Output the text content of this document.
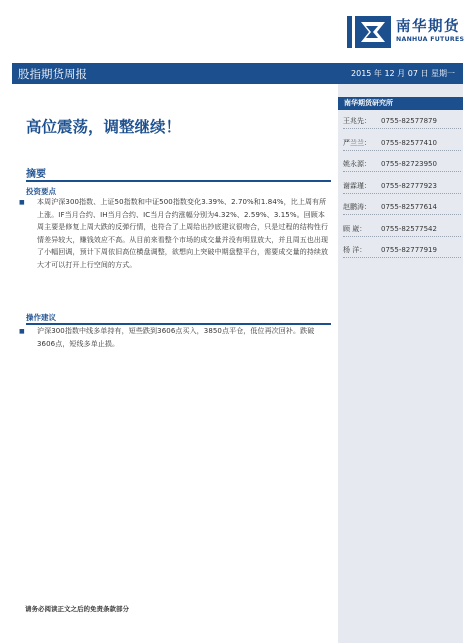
南华期货
NANHUA FUTURES
股指期货周报	2015 年 12 月 07 日 星期一
南华期货研究所
王兆先： 0755-82577879
严兰兰： 0755-82577410
姚永源： 0755-82723950
谢霖瑾： 0755-82777923
赵鹏涛： 0755-82577614
顾 崴： 0755-82577542
杨 洋： 0755-82777919
高位震荡，调整继续！
摘要
投资要点
■ 本周沪深300指数、上证50指数和中证500指数变化3.39%、2.70%和1.84%，比上周有所上涨。IF当月合约、IH当月合约、IC当月合约涨幅分别为4.32%、2.59%、3.15%。回顾本周主要是修复上周大跌的反弹行情，也符合了上周给出抄底建议很吻合，只是过程的结构性行情差异较大，赚钱效应不高。从目前来看整个市场的成交量并没有明显放大，并且周五也出现了小幅回调，预计下周依旧高位横盘调整，欲想向上突破中期盘整平台，需要成交量的持续放大才可以打开上行空间的方式。

操作建议
■ 沪深300指数中线多单持有，短些跌到3606点买入，3850点平仓，低位再次回补。跌破3606点，短线多单止损。

请务必阅读正文之后的免责条款部分
